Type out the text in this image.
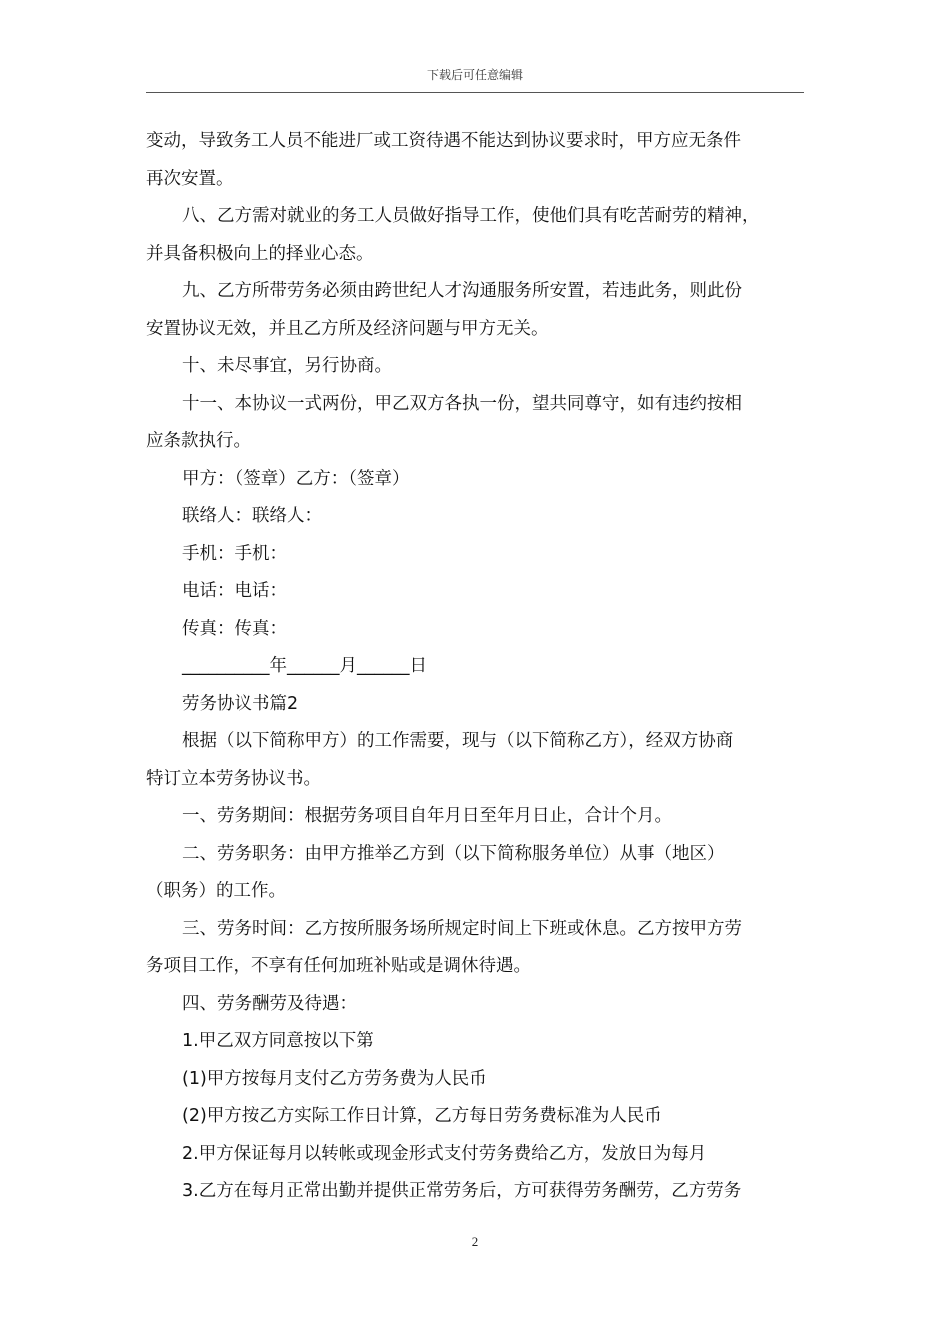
下载后可任意编辑
变动，导致务工人员不能进厂或工资待遇不能达到协议要求时，甲方应无条件
再次安置。
八、乙方需对就业的务工人员做好指导工作，使他们具有吃苦耐劳的精神，
并具备积极向上的择业心态。
九、乙方所带劳务必须由跨世纪人才沟通服务所安置，若违此务，则此份
安置协议无效，并且乙方所及经济问题与甲方无关。
十、未尽事宜，另行协商。
十一、本协议一式两份，甲乙双方各执一份，望共同尊守，如有违约按相
应条款执行。
甲方：（签章）乙方：（签章）
联络人：联络人：
手机：手机：
电话：电话：
传真：传真：
__________年______月______日
劳务协议书篇2
根据（以下简称甲方）的工作需要，现与（以下简称乙方），经双方协商
特订立本劳务协议书。
一、劳务期间：根据劳务项目自年月日至年月日止，合计个月。
二、劳务职务：由甲方推举乙方到（以下简称服务单位）从事（地区）
（职务）的工作。
三、劳务时间：乙方按所服务场所规定时间上下班或休息。乙方按甲方劳
务项目工作，不享有任何加班补贴或是调休待遇。
四、劳务酬劳及待遇：
1.甲乙双方同意按以下第
(1)甲方按每月支付乙方劳务费为人民币
(2)甲方按乙方实际工作日计算，乙方每日劳务费标准为人民币
2.甲方保证每月以转帐或现金形式支付劳务费给乙方，发放日为每月
3.乙方在每月正常出勤并提供正常劳务后，方可获得劳务酬劳，乙方劳务
2
